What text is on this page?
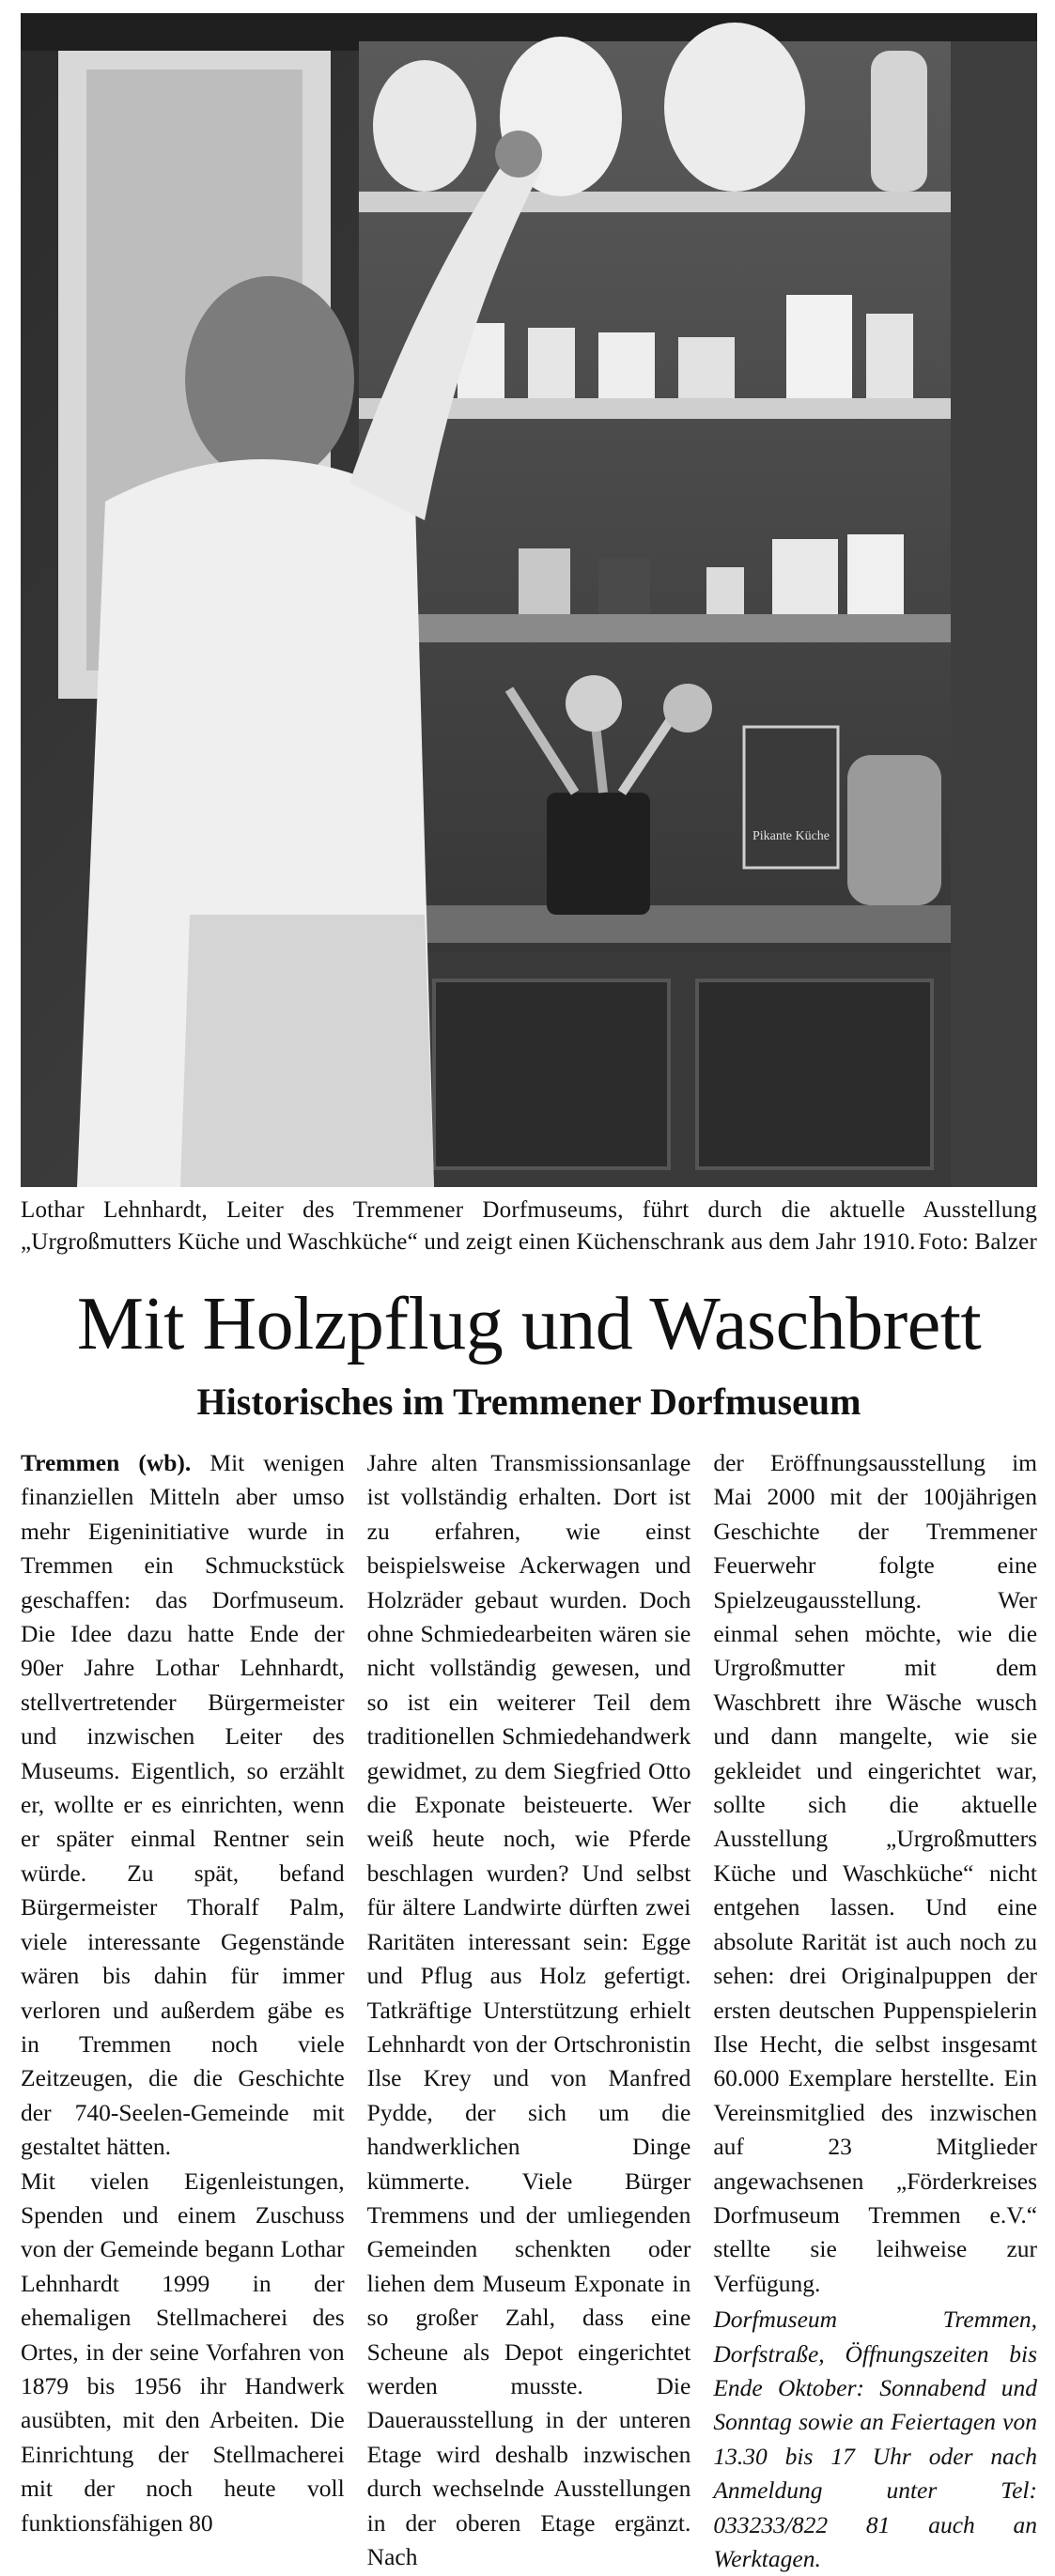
Pikante Küche
Lothar Lehnhardt, Leiter des Tremmener Dorfmuseums, führt durch die aktuelle Ausstellung „Urgroßmutters Küche und Waschküche“ und zeigt einen Küchenschrank aus dem Jahr 1910. Foto: Balzer
Mit Holzpflug und Waschbrett
Historisches im Tremmener Dorfmuseum

Tremmen (wb). Mit wenigen finanziellen Mitteln aber umso mehr Eigeninitiative wurde in Tremmen ein Schmuckstück geschaffen: das Dorfmuseum. Die Idee dazu hatte Ende der 90er Jahre Lothar Lehnhardt, stellvertretender Bürgermeister und inzwischen Leiter des Museums. Eigentlich, so erzählt er, wollte er es einrichten, wenn er später einmal Rentner sein würde. Zu spät, befand Bürgermeister Thoralf Palm, viele interessante Gegenstände wären bis dahin für immer verloren und außerdem gäbe es in Tremmen noch viele Zeitzeugen, die die Geschichte der 740-Seelen-Gemeinde mit gestaltet hätten.

Mit vielen Eigenleistungen, Spenden und einem Zuschuss von der Gemeinde begann Lothar Lehnhardt 1999 in der ehemaligen Stellmacherei des Ortes, in der seine Vorfahren von 1879 bis 1956 ihr Handwerk ausübten, mit den Arbeiten. Die Einrichtung der Stellmacherei mit der noch heute voll funktionsfähigen 80

Jahre alten Transmissionsanlage ist vollständig erhalten. Dort ist zu erfahren, wie einst beispielsweise Ackerwagen und Holzräder gebaut wurden. Doch ohne Schmiedearbeiten wären sie nicht vollständig gewesen, und so ist ein weiterer Teil dem traditionellen Schmiedehandwerk gewidmet, zu dem Siegfried Otto die Exponate beisteuerte. Wer weiß heute noch, wie Pferde beschlagen wurden? Und selbst für ältere Landwirte dürften zwei Raritäten interessant sein: Egge und Pflug aus Holz gefertigt. Tatkräftige Unterstützung erhielt Lehnhardt von der Ortschronistin Ilse Krey und von Manfred Pydde, der sich um die handwerklichen Dinge kümmerte. Viele Bürger Tremmens und der umliegenden Gemeinden schenkten oder liehen dem Museum Exponate in so großer Zahl, dass eine Scheune als Depot eingerichtet werden musste. Die Dauerausstellung in der unteren Etage wird deshalb inzwischen durch wechselnde Ausstellungen in der oberen Etage ergänzt. Nach

der Eröffnungsausstellung im Mai 2000 mit der 100jährigen Geschichte der Tremmener Feuerwehr folgte eine Spielzeugausstellung. Wer einmal sehen möchte, wie die Urgroßmutter mit dem Waschbrett ihre Wäsche wusch und dann mangelte, wie sie gekleidet und eingerichtet war, sollte sich die aktuelle Ausstellung „Urgroßmutters Küche und Waschküche“ nicht entgehen lassen. Und eine absolute Rarität ist auch noch zu sehen: drei Originalpuppen der ersten deutschen Puppenspielerin Ilse Hecht, die selbst insgesamt 60.000 Exemplare herstellte. Ein Vereinsmitglied des inzwischen auf 23 Mitglieder angewachsenen „Förderkreises Dorfmuseum Tremmen e.V.“ stellte sie leihweise zur Verfügung.

Dorfmuseum Tremmen, Dorfstraße, Öffnungszeiten bis Ende Oktober: Sonnabend und Sonntag sowie an Feiertagen von 13.30 bis 17 Uhr oder nach Anmeldung unter Tel: 033233/822 81 auch an Werktagen.
